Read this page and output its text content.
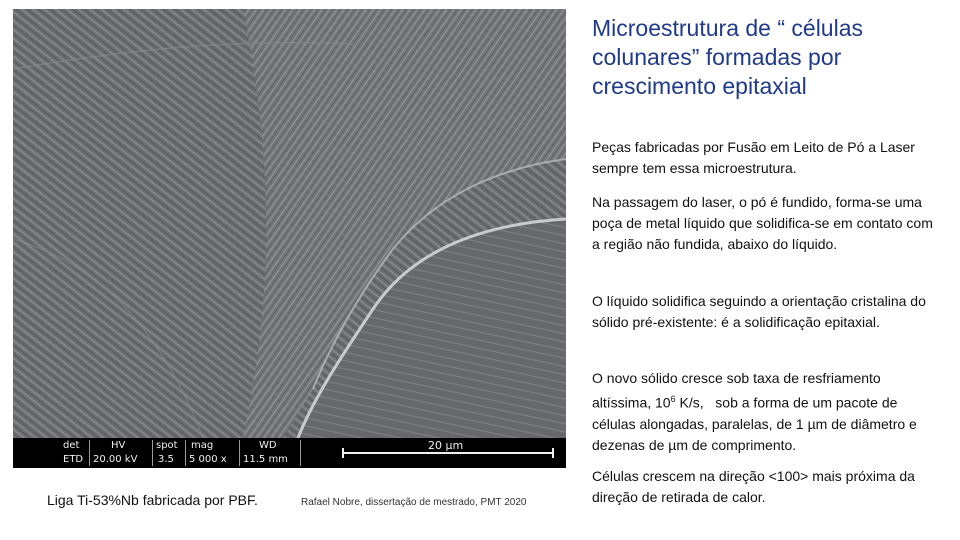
det
ETD
HV
20.00 kV
spot
3.5
mag
5 000 x
WD
11.5 mm
20 µm
Microestrutura de “ células colunares” formadas por crescimento epitaxial

Peças fabricadas por Fusão em Leito de Pó a Laser sempre tem essa microestrutura.

Na passagem do laser, o pó é fundido, forma-se uma poça de metal líquido que solidifica-se em contato com a região não fundida, abaixo do líquido.

O líquido solidifica seguindo a orientação cristalina do sólido pré-existente: é a solidificação epitaxial.

O novo sólido cresce sob taxa de resfriamento altíssima, $10^6$ K/s,   sob a forma de um pacote de células alongadas, paralelas, de 1 µm de diâmetro e dezenas de µm de comprimento.

Células crescem na direção <100> mais próxima da direção de retirada de calor.

Liga Ti-53%Nb fabricada por PBF.	Rafael Nobre, dissertação de mestrado, PMT 2020
